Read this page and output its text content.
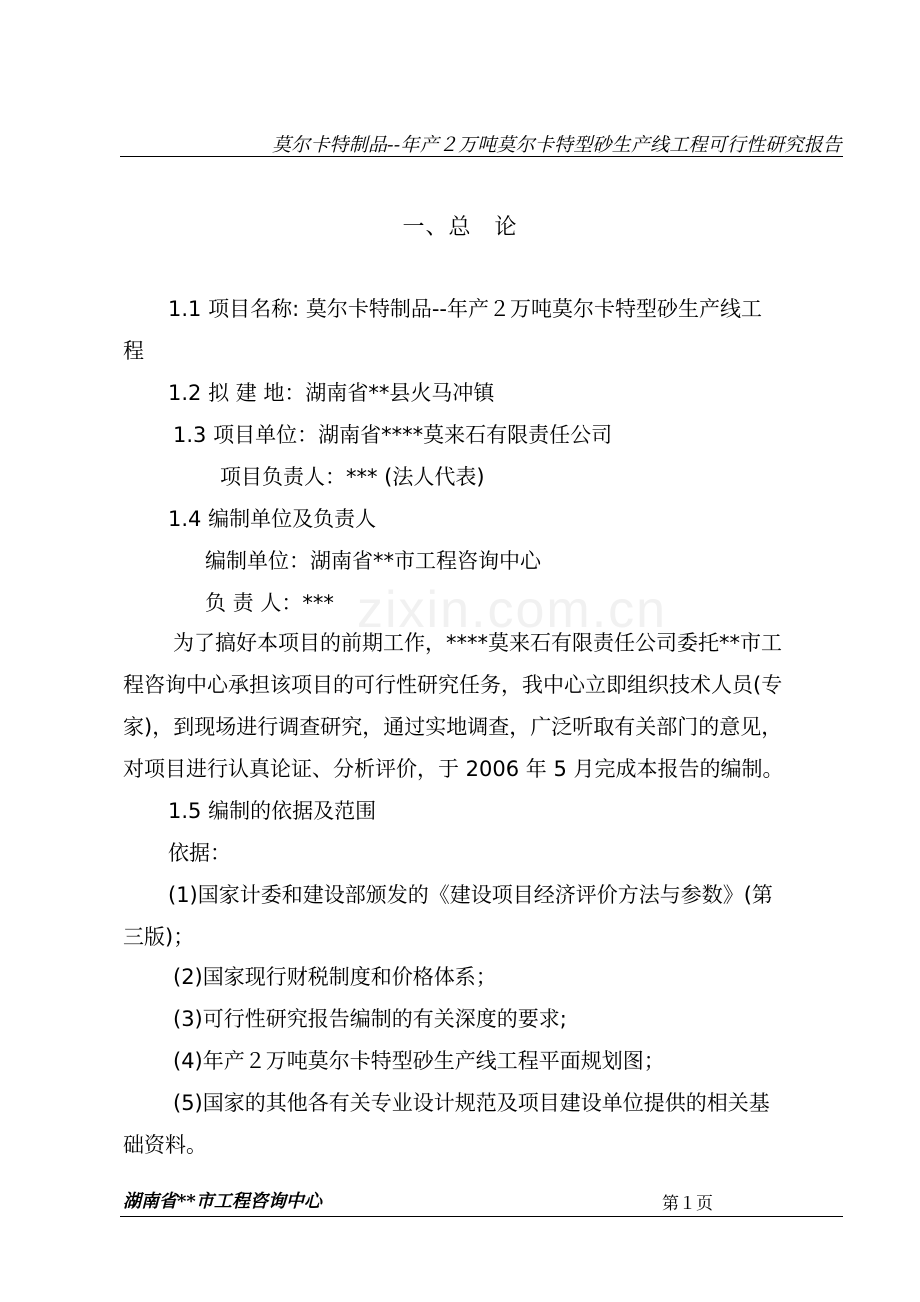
莫尔卡特制品--年产２万吨莫尔卡特型砂生产线工程可行性研究报告
zixin.com.cn
一、总　论
1.1 项目名称: 莫尔卡特制品--年产２万吨莫尔卡特型砂生产线工
程
1.2 拟 建 地：湖南省**县火马冲镇
1.3 项目单位：湖南省****莫来石有限责任公司
项目负责人：*** (法人代表)
1.4 编制单位及负责人
编制单位：湖南省**市工程咨询中心
负 责 人：***
为了搞好本项目的前期工作，****莫来石有限责任公司委托**市工
程咨询中心承担该项目的可行性研究任务，我中心立即组织技术人员(专
家)，到现场进行调查研究，通过实地调查，广泛听取有关部门的意见，
对项目进行认真论证、分析评价，于 2006 年 5 月完成本报告的编制。
1.5 编制的依据及范围
依据：
(1)国家计委和建设部颁发的《建设项目经济评价方法与参数》(第
三版)；
(2)国家现行财税制度和价格体系；
(3)可行性研究报告编制的有关深度的要求;
(4)年产２万吨莫尔卡特型砂生产线工程平面规划图；
(5)国家的其他各有关专业设计规范及项目建设单位提供的相关基
础资料。
湖南省**市工程咨询中心	第１页
